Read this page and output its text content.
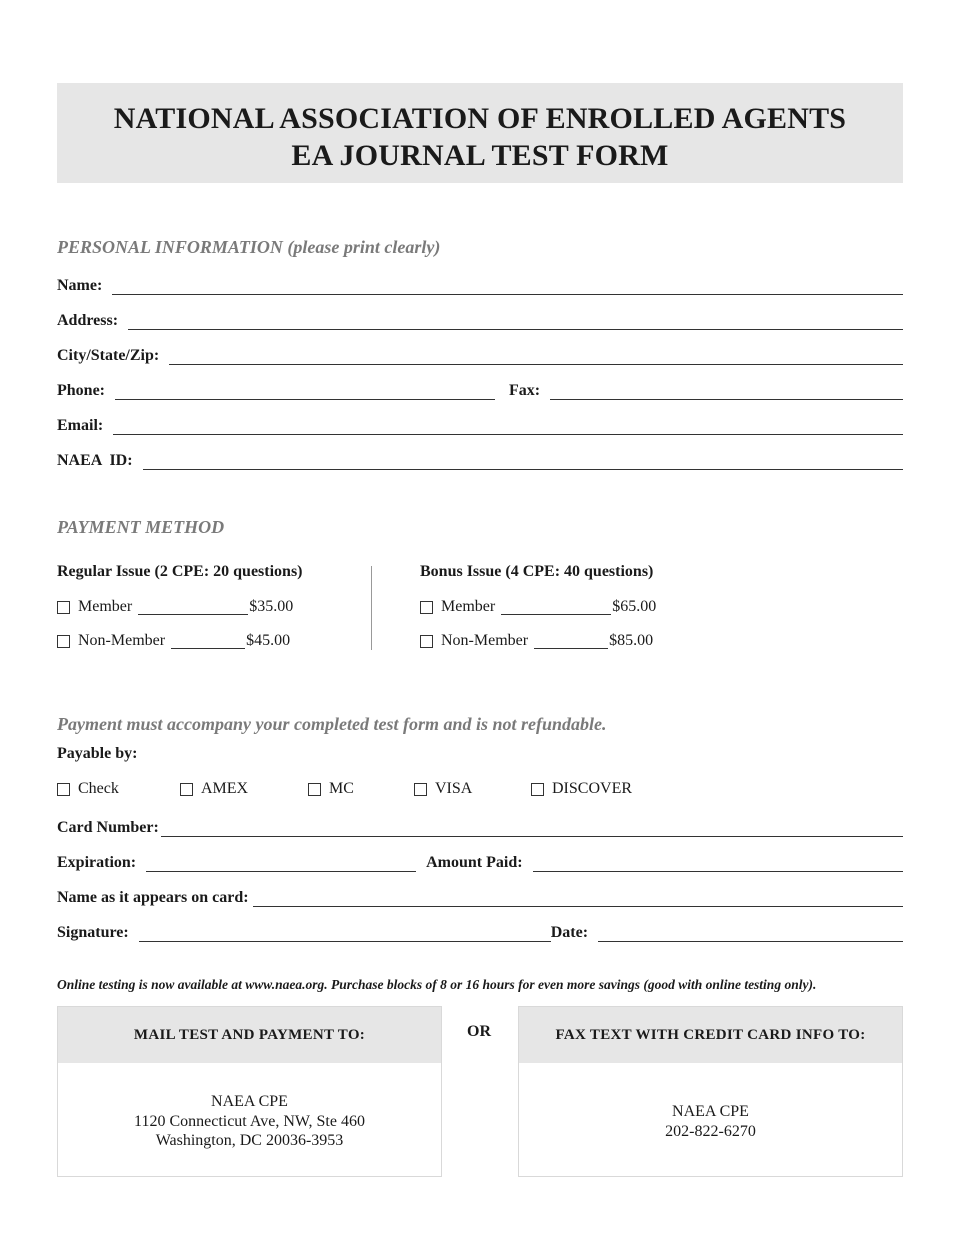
NATIONAL ASSOCIATION OF ENROLLED AGENTS
EA JOURNAL TEST FORM
PERSONAL INFORMATION (please print clearly)
Name:
Address:
City/State/Zip:
Phone:	Fax:
Email:
NAEA  ID:
PAYMENT METHOD
Regular Issue (2 CPE: 20 questions)
Member	$35.00
Non-Member	$45.00
Bonus Issue (4 CPE: 40 questions)
Member	$65.00
Non-Member	$85.00
Payment must accompany your completed test form and is not refundable.
Payable by:
Check	AMEX	MC	VISA	DISCOVER
Card Number:
Expiration:	Amount Paid:
Name as it appears on card:
Signature:	Date:
Online testing is now available at www.naea.org. Purchase blocks of 8 or 16 hours for even more savings (good with online testing only).
MAIL TEST AND PAYMENT TO:
NAEA CPE
1120 Connecticut Ave, NW, Ste 460
Washington, DC 20036-3953
OR	FAX TEXT WITH CREDIT CARD INFO TO:
NAEA CPE
202-822-6270
